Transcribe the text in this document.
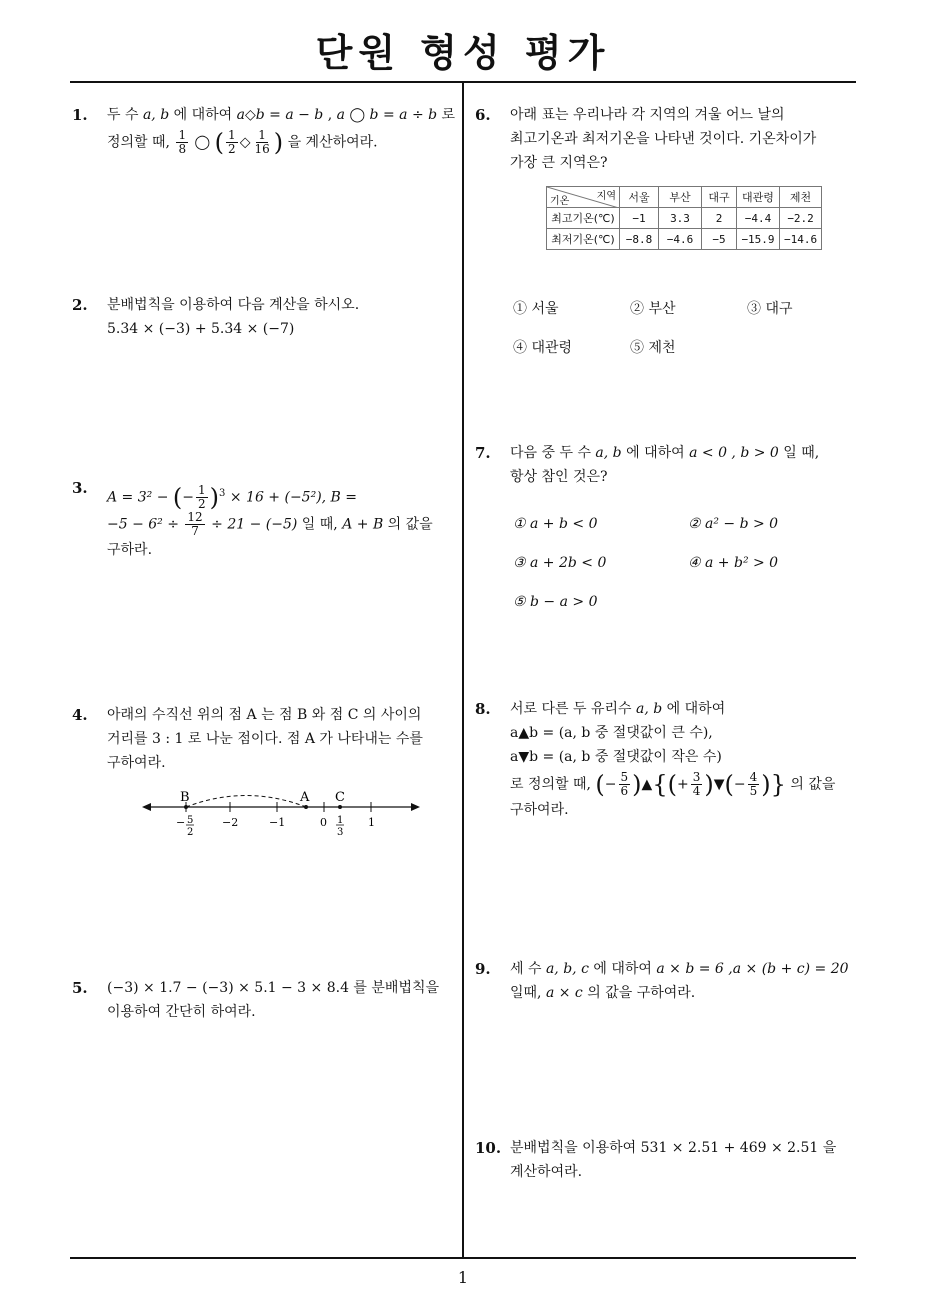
단원 형성 평가
1
1. 두 수 a, b 에 대하여 a◇b = a − b , a ◯ b = a ÷ b 로
정의할 때, $\frac{1}{8}$ ◯ ( $\frac{1}{2}$ ◇ $\frac{1}{16}$ ) 을 계산하여라.
2. 분배법칙을 이용하여 다음 계산을 하시오.
5.34 × (−3) + 5.34 × (−7)
3.
A = 3² − (− $\frac{1}{2} )^3 \times 16 + (-5^2)$, B =
$-5 - 6^2 \div \frac{12}{7} \div 21 - (-5)$ 일 때, A + B 의 값을
구하라.
4. 아래의 수직선 위의 점 A 는 점 B 와 점 C 의 사이의
거리를 3 : 1 로 나눈 점이다. 점 A 가 나타내는 수를
구하여라.
B	A C
− 5
2
−2	−1	0 1
3
1
5. (−3) × 1.7 − (−3) × 5.1 − 3 × 8.4 를 분배법칙을
이용하여 간단히 하여라.
6. 아래 표는 우리나라 각 지역의 겨울 어느 날의
최고기온과 최저기온을 나타낸 것이다. 기온차이가
가장 큰 지역은?
지역
기온	서울	부산	대구	대관령	제천
최고기온(℃)	−1	3.3	2	−4.4	−2.2
최저기온(℃)	−8.8	−4.6	−5	−15.9	−14.6
① 서울	② 부산	③ 대구
④ 대관령	⑤ 제천
7. 다음 중 두 수 a, b 에 대하여 a < 0 , b > 0 일 때,
항상 참인 것은?
① a + b < 0	② a² − b > 0
③ a + 2b < 0	④ a + b² > 0
⑤ b − a > 0
8. 서로 다른 두 유리수 a, b 에 대하여
a▲b = (a, b 중 절댓값이 큰 수),
a▼b = (a, b 중 절댓값이 작은 수)
로 정의할 때, (− $\frac{5}{6}$ )▲{(+ $\frac{3}{4}$ )▼(− $\frac{4}{5}$ )} 의 값을
구하여라.
9. 세 수 a, b, c 에 대하여 a × b = 6 ,a × (b + c) = 20
일때, a × c 의 값을 구하여라.
10. 분배법칙을 이용하여 531 × 2.51 + 469 × 2.51 을
계산하여라.
